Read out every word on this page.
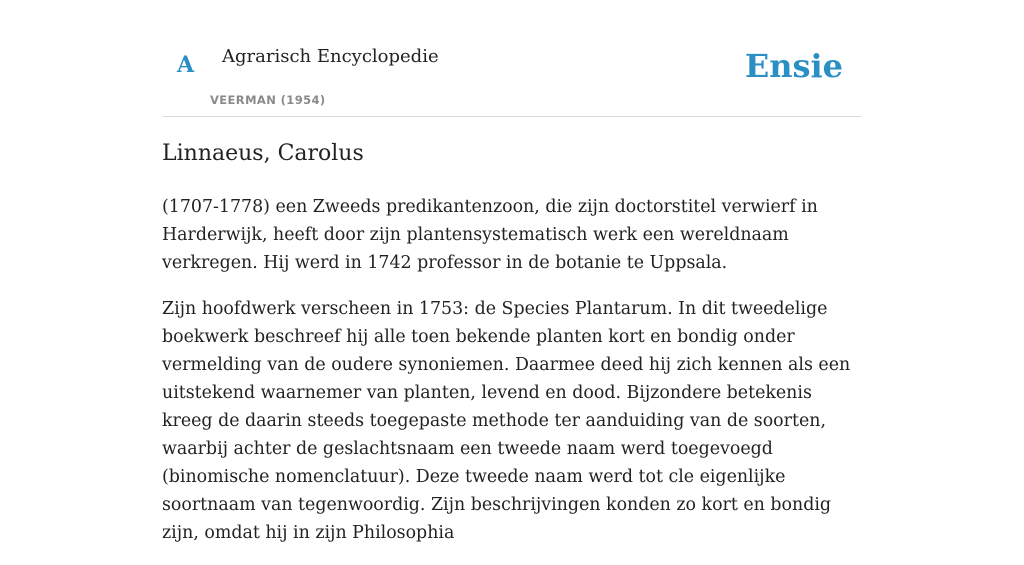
A Agrarisch Encyclopedie
VEERMAN (1954)
Ensie
Linnaeus, Carolus

(1707-1778) een Zweeds predikantenzoon, die zijn doctorstitel verwierf in Harderwijk, heeft door zijn plantensystematisch werk een wereldnaam verkregen. Hij werd in 1742 professor in de botanie te Uppsala.

Zijn hoofdwerk verscheen in 1753: de Species Plantarum. In dit tweedelige boekwerk beschreef hij alle toen bekende planten kort en bondig onder vermelding van de oudere synoniemen. Daarmee deed hij zich kennen als een uitstekend waarnemer van planten, levend en dood. Bijzondere betekenis kreeg de daarin steeds toegepaste methode ter aanduiding van de soorten, waarbij achter de geslachtsnaam een tweede naam werd toegevoegd (binomische nomenclatuur). Deze tweede naam werd tot cle eigenlijke soortnaam van tegenwoordig. Zijn beschrijvingen konden zo kort en bondig zijn, omdat hij in zijn Philosophia
